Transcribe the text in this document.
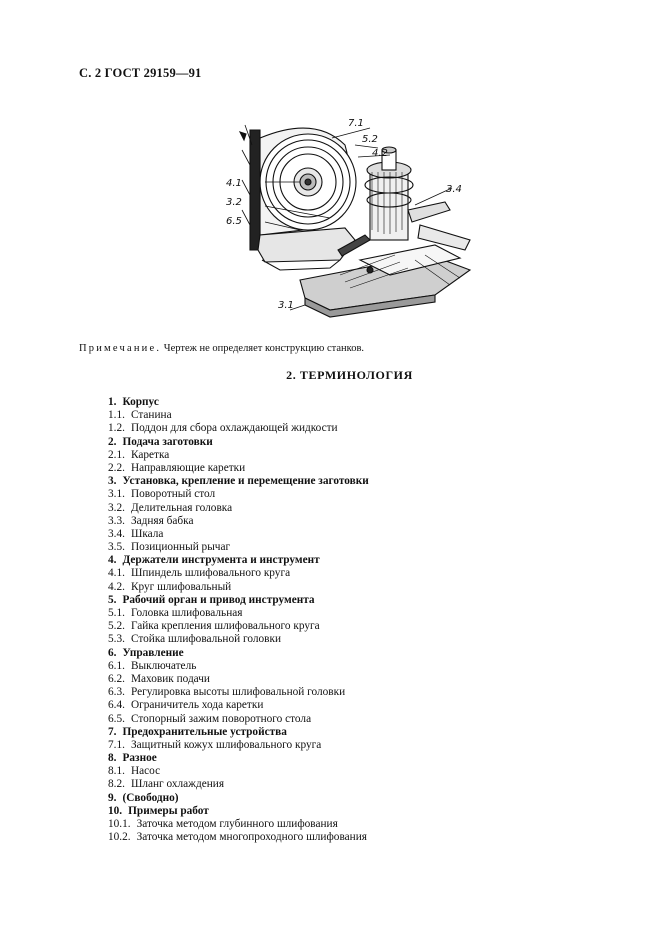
С. 2 ГОСТ 29159—91
7.1
5.2
4.2
4.1
3.2
6.5
3.4
3.1
Примечание. Чертеж не определяет конструкцию станков.
2. ТЕРМИНОЛОГИЯ
1. Корпус
1.1. Станина
1.2. Поддон для сбора охлаждающей жидкости
2. Подача заготовки
2.1. Каретка
2.2. Направляющие каретки
3. Установка, крепление и перемещение заготовки
3.1. Поворотный стол
3.2. Делительная головка
3.3. Задняя бабка
3.4. Шкала
3.5. Позиционный рычаг
4. Держатели инструмента и инструмент
4.1. Шпиндель шлифовального круга
4.2. Круг шлифовальный
5. Рабочий орган и привод инструмента
5.1. Головка шлифовальная
5.2. Гайка крепления шлифовального круга
5.3. Стойка шлифовальной головки
6. Управление
6.1. Выключатель
6.2. Маховик подачи
6.3. Регулировка высоты шлифовальной головки
6.4. Ограничитель хода каретки
6.5. Стопорный зажим поворотного стола
7. Предохранительные устройства
7.1. Защитный кожух шлифовального круга
8. Разное
8.1. Насос
8.2. Шланг охлаждения
9. (Свободно)
10. Примеры работ
10.1. Заточка методом глубинного шлифования
10.2. Заточка методом многопроходного шлифования
